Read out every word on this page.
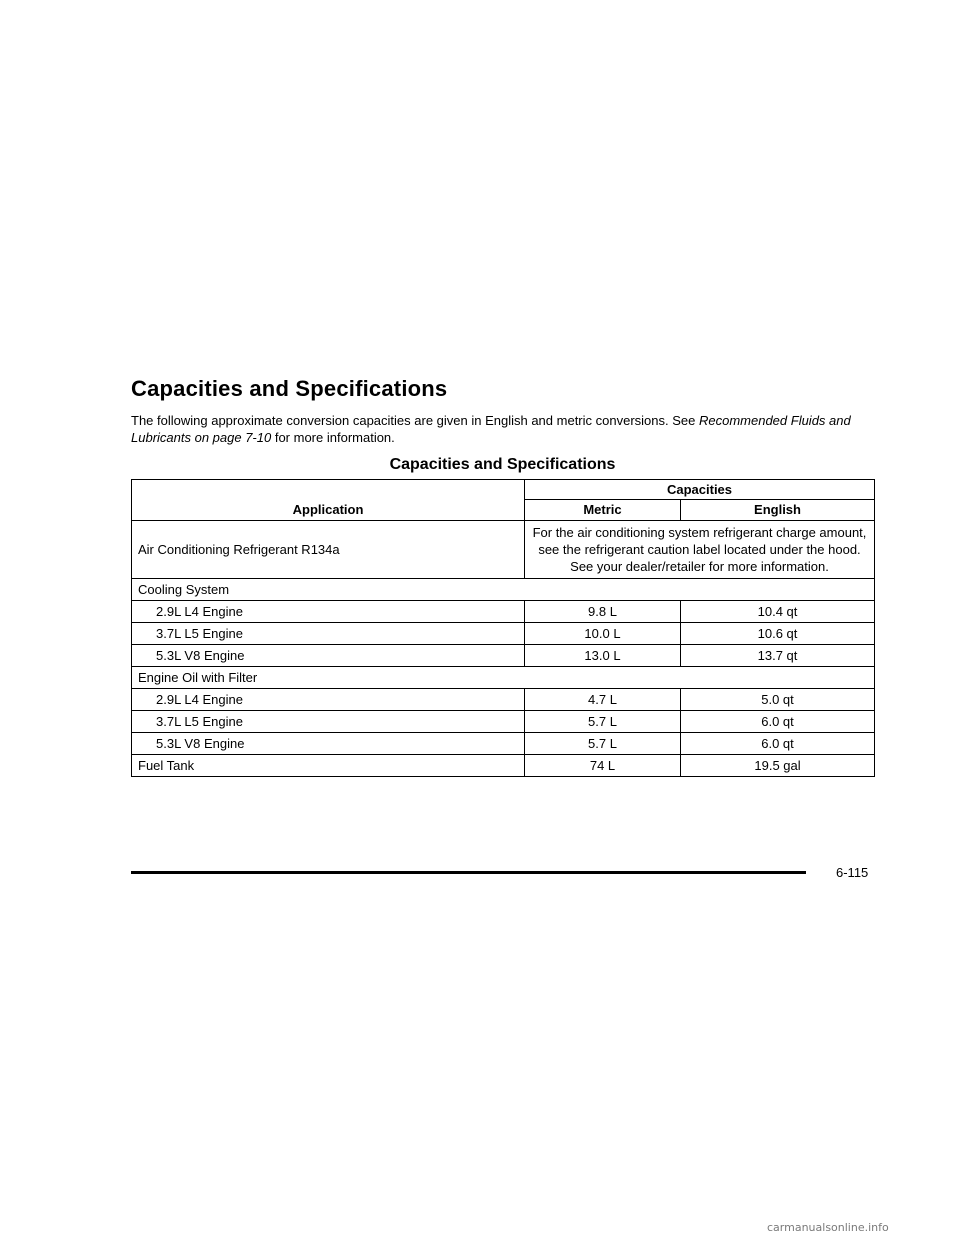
Capacities and Specifications

The following approximate conversion capacities are given in English and metric conversions. See Recommended Fluids and Lubricants on page 7-10 for more information.

Capacities and Specifications
Application	Capacities	
	Metric	English
Air Conditioning Refrigerant R134a	For the air conditioning system refrigerant charge amount, see the refrigerant caution label located under the hood. See your dealer/retailer for more information.	
Cooling System		
2.9L L4 Engine	9.8 L	10.4 qt
3.7L L5 Engine	10.0 L	10.6 qt
5.3L V8 Engine	13.0 L	13.7 qt
Engine Oil with Filter		
2.9L L4 Engine	4.7 L	5.0 qt
3.7L L5 Engine	5.7 L	6.0 qt
5.3L V8 Engine	5.7 L	6.0 qt
Fuel Tank	74 L	19.5 gal
6-115
carmanualsonline.info
